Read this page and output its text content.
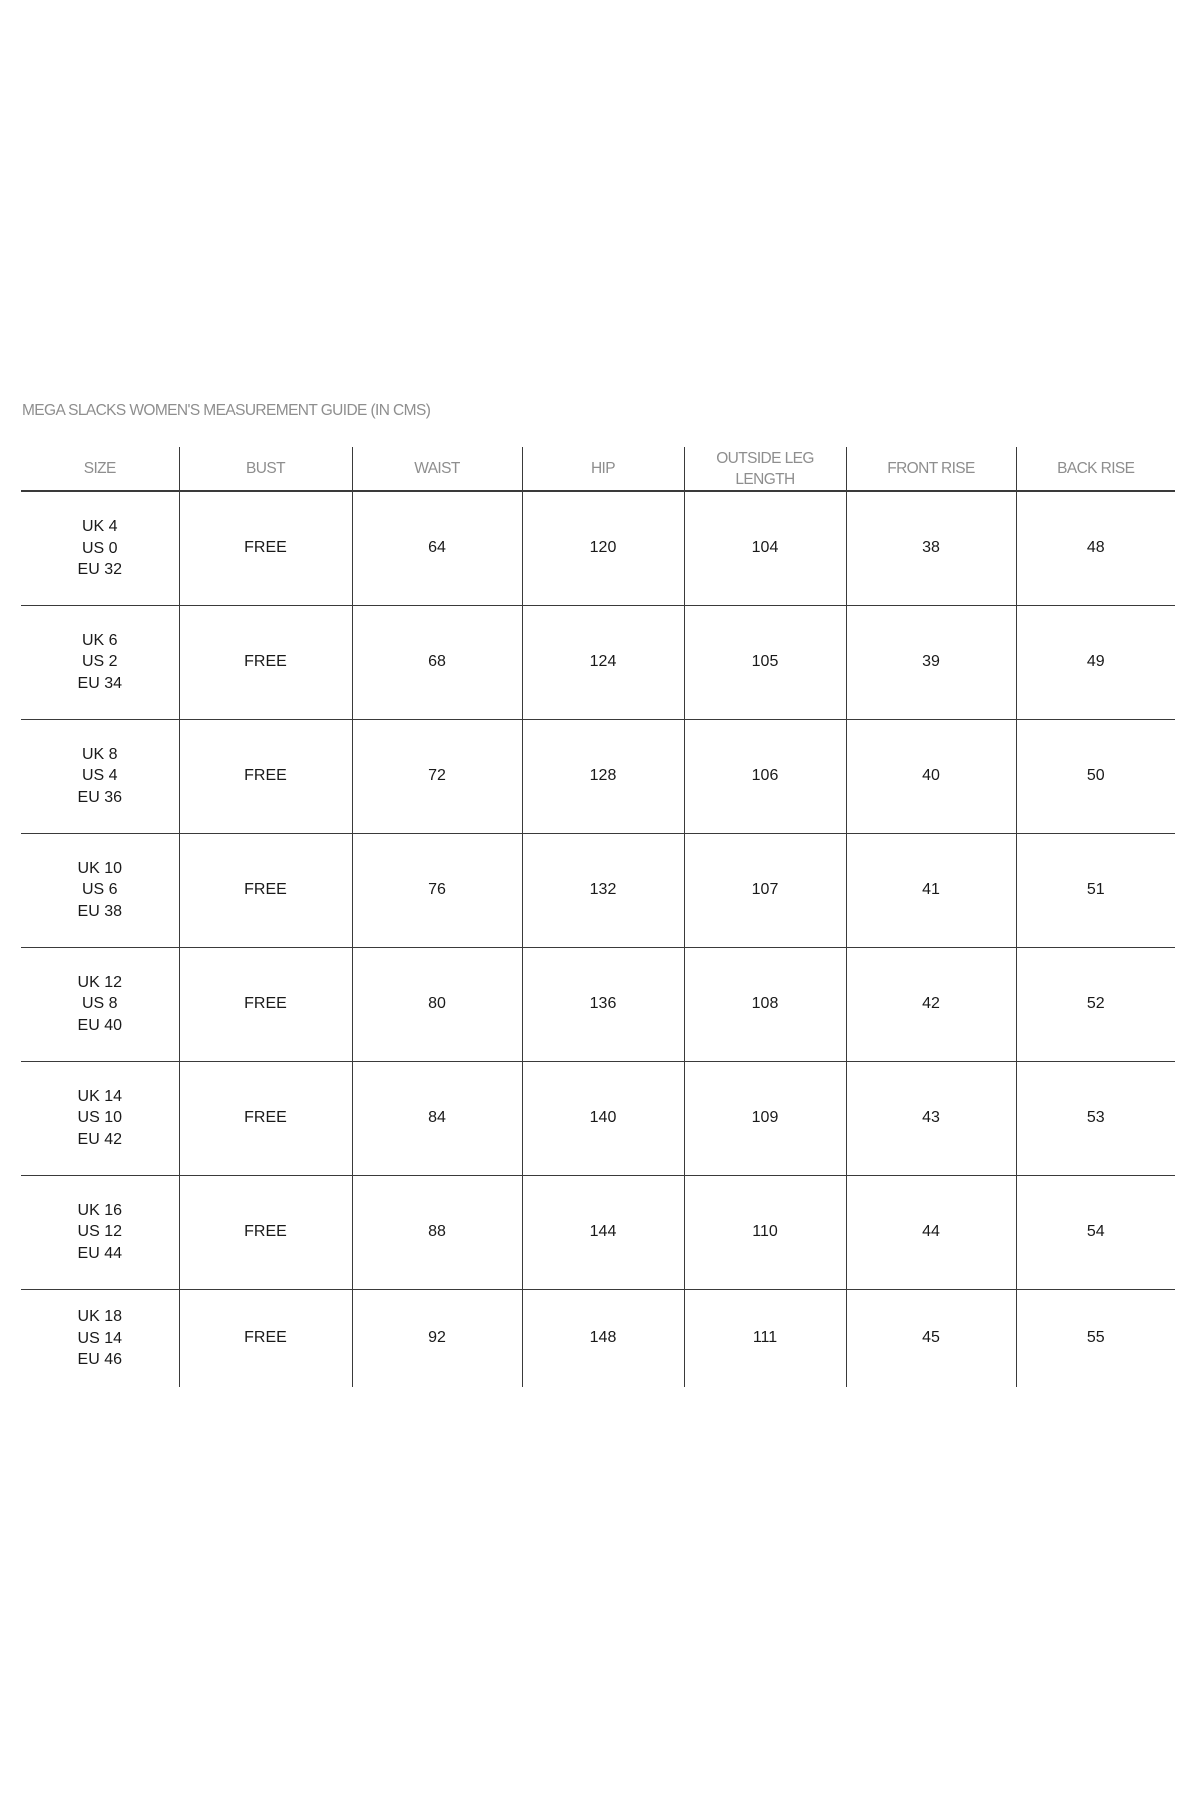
MEGA SLACKS WOMEN'S MEASUREMENT GUIDE (IN CMS)
SIZE	BUST	WAIST	HIP	OUTSIDE LEG
LENGTH	FRONT RISE	BACK RISE

UK 4
US 0
EU 32	FREE	64	120	104	38	48

UK 6
US 2
EU 34	FREE	68	124	105	39	49

UK 8
US 4
EU 36	FREE	72	128	106	40	50

UK 10
US 6
EU 38	FREE	76	132	107	41	51

UK 12
US 8
EU 40	FREE	80	136	108	42	52

UK 14
US 10
EU 42	FREE	84	140	109	43	53

UK 16
US 12
EU 44	FREE	88	144	110	44	54

UK 18
US 14
EU 46	FREE	92	148	111	45	55
